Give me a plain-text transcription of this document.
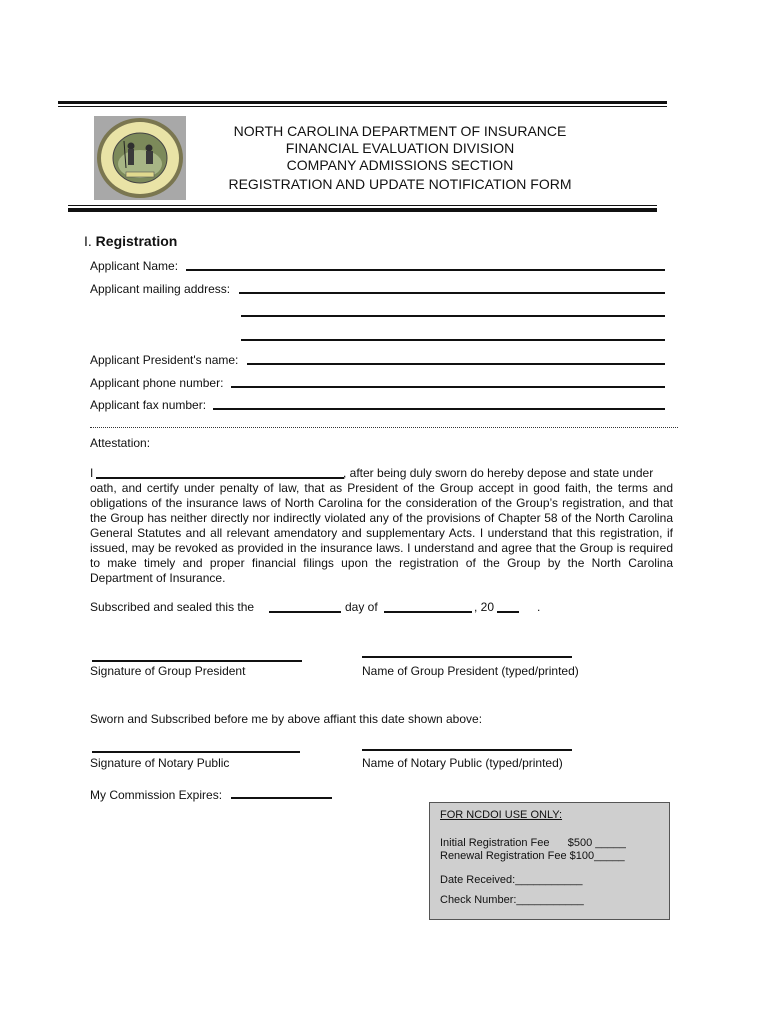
NORTH CAROLINA DEPARTMENT OF INSURANCE
FINANCIAL EVALUATION DIVISION
COMPANY ADMISSIONS SECTION
REGISTRATION AND UPDATE NOTIFICATION FORM
I. Registration
Applicant Name:
Applicant mailing address:
Applicant President's name:
Applicant phone number:
Applicant fax number:
Attestation:
I	, after being duly sworn do hereby depose and state under
oath, and certify under penalty of law, that as President of the Group accept in good faith, the terms and obligations of the insurance laws of North Carolina for the consideration of the Group’s registration, and that the Group has neither directly nor indirectly violated any of the provisions of Chapter 58 of the North Carolina General Statutes and all relevant amendatory and supplementary Acts. I understand that this registration, if issued, may be revoked as provided in the insurance laws. I understand and agree that the Group is required to make timely and proper financial filings upon the registration of the Group by the North Carolina Department of Insurance.
Subscribed and sealed this the	day of	, 20	.
Signature of Group President	Name of Group President (typed/printed)
Sworn and Subscribed before me by above affiant this date shown above:
Signature of Notary Public	Name of Notary Public (typed/printed)
My Commission Expires:
FOR NCDOI USE ONLY:
Initial Registration Fee      $500 _____
Renewal Registration Fee $100_____
Date Received:___________
Check Number:___________
